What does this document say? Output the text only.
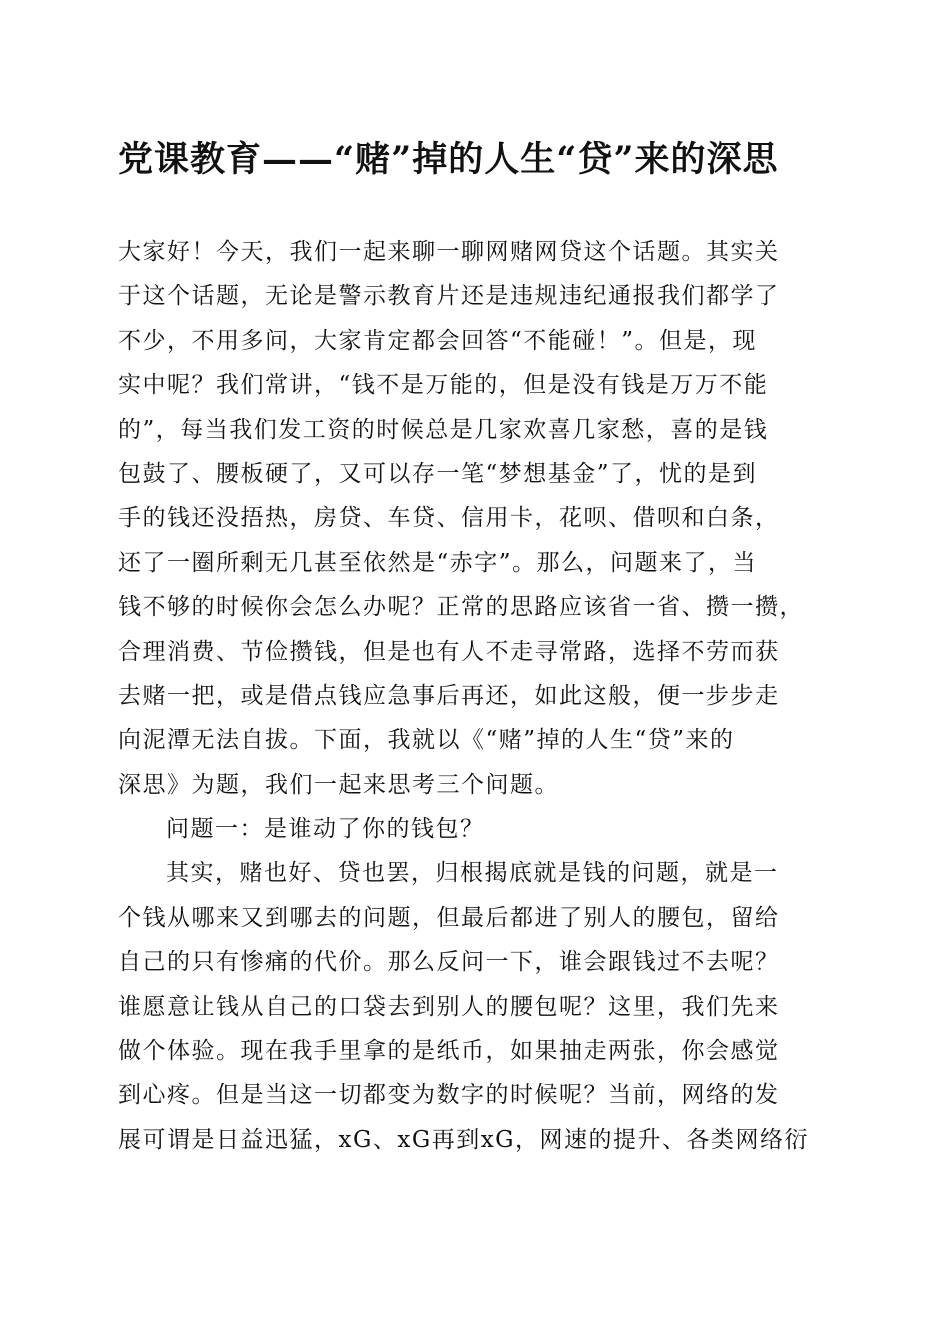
党课教育——“赌”掉的人生“贷”来的深思
大家好！今天，我们一起来聊一聊网赌网贷这个话题。其实关
于这个话题，无论是警示教育片还是违规违纪通报我们都学了
不少，不用多问，大家肯定都会回答“不能碰！”。但是，现
实中呢？我们常讲，“钱不是万能的，但是没有钱是万万不能
的”，每当我们发工资的时候总是几家欢喜几家愁，喜的是钱
包鼓了、腰板硬了，又可以存一笔“梦想基金”了，忧的是到
手的钱还没捂热，房贷、车贷、信用卡，花呗、借呗和白条，
还了一圈所剩无几甚至依然是“赤字”。那么，问题来了，当
钱不够的时候你会怎么办呢？正常的思路应该省一省、攒一攒，
合理消费、节俭攒钱，但是也有人不走寻常路，选择不劳而获
去赌一把，或是借点钱应急事后再还，如此这般，便一步步走
向泥潭无法自拔。下面，我就以《“赌”掉的人生“贷”来的
深思》为题，我们一起来思考三个问题。
问题一：是谁动了你的钱包？
其实，赌也好、贷也罢，归根揭底就是钱的问题，就是一
个钱从哪来又到哪去的问题，但最后都进了别人的腰包，留给
自己的只有惨痛的代价。那么反问一下，谁会跟钱过不去呢？
谁愿意让钱从自己的口袋去到别人的腰包呢？这里，我们先来
做个体验。现在我手里拿的是纸币，如果抽走两张，你会感觉
到心疼。但是当这一切都变为数字的时候呢？当前，网络的发
展可谓是日益迅猛，xG、xG再到xG，网速的提升、各类网络衍
